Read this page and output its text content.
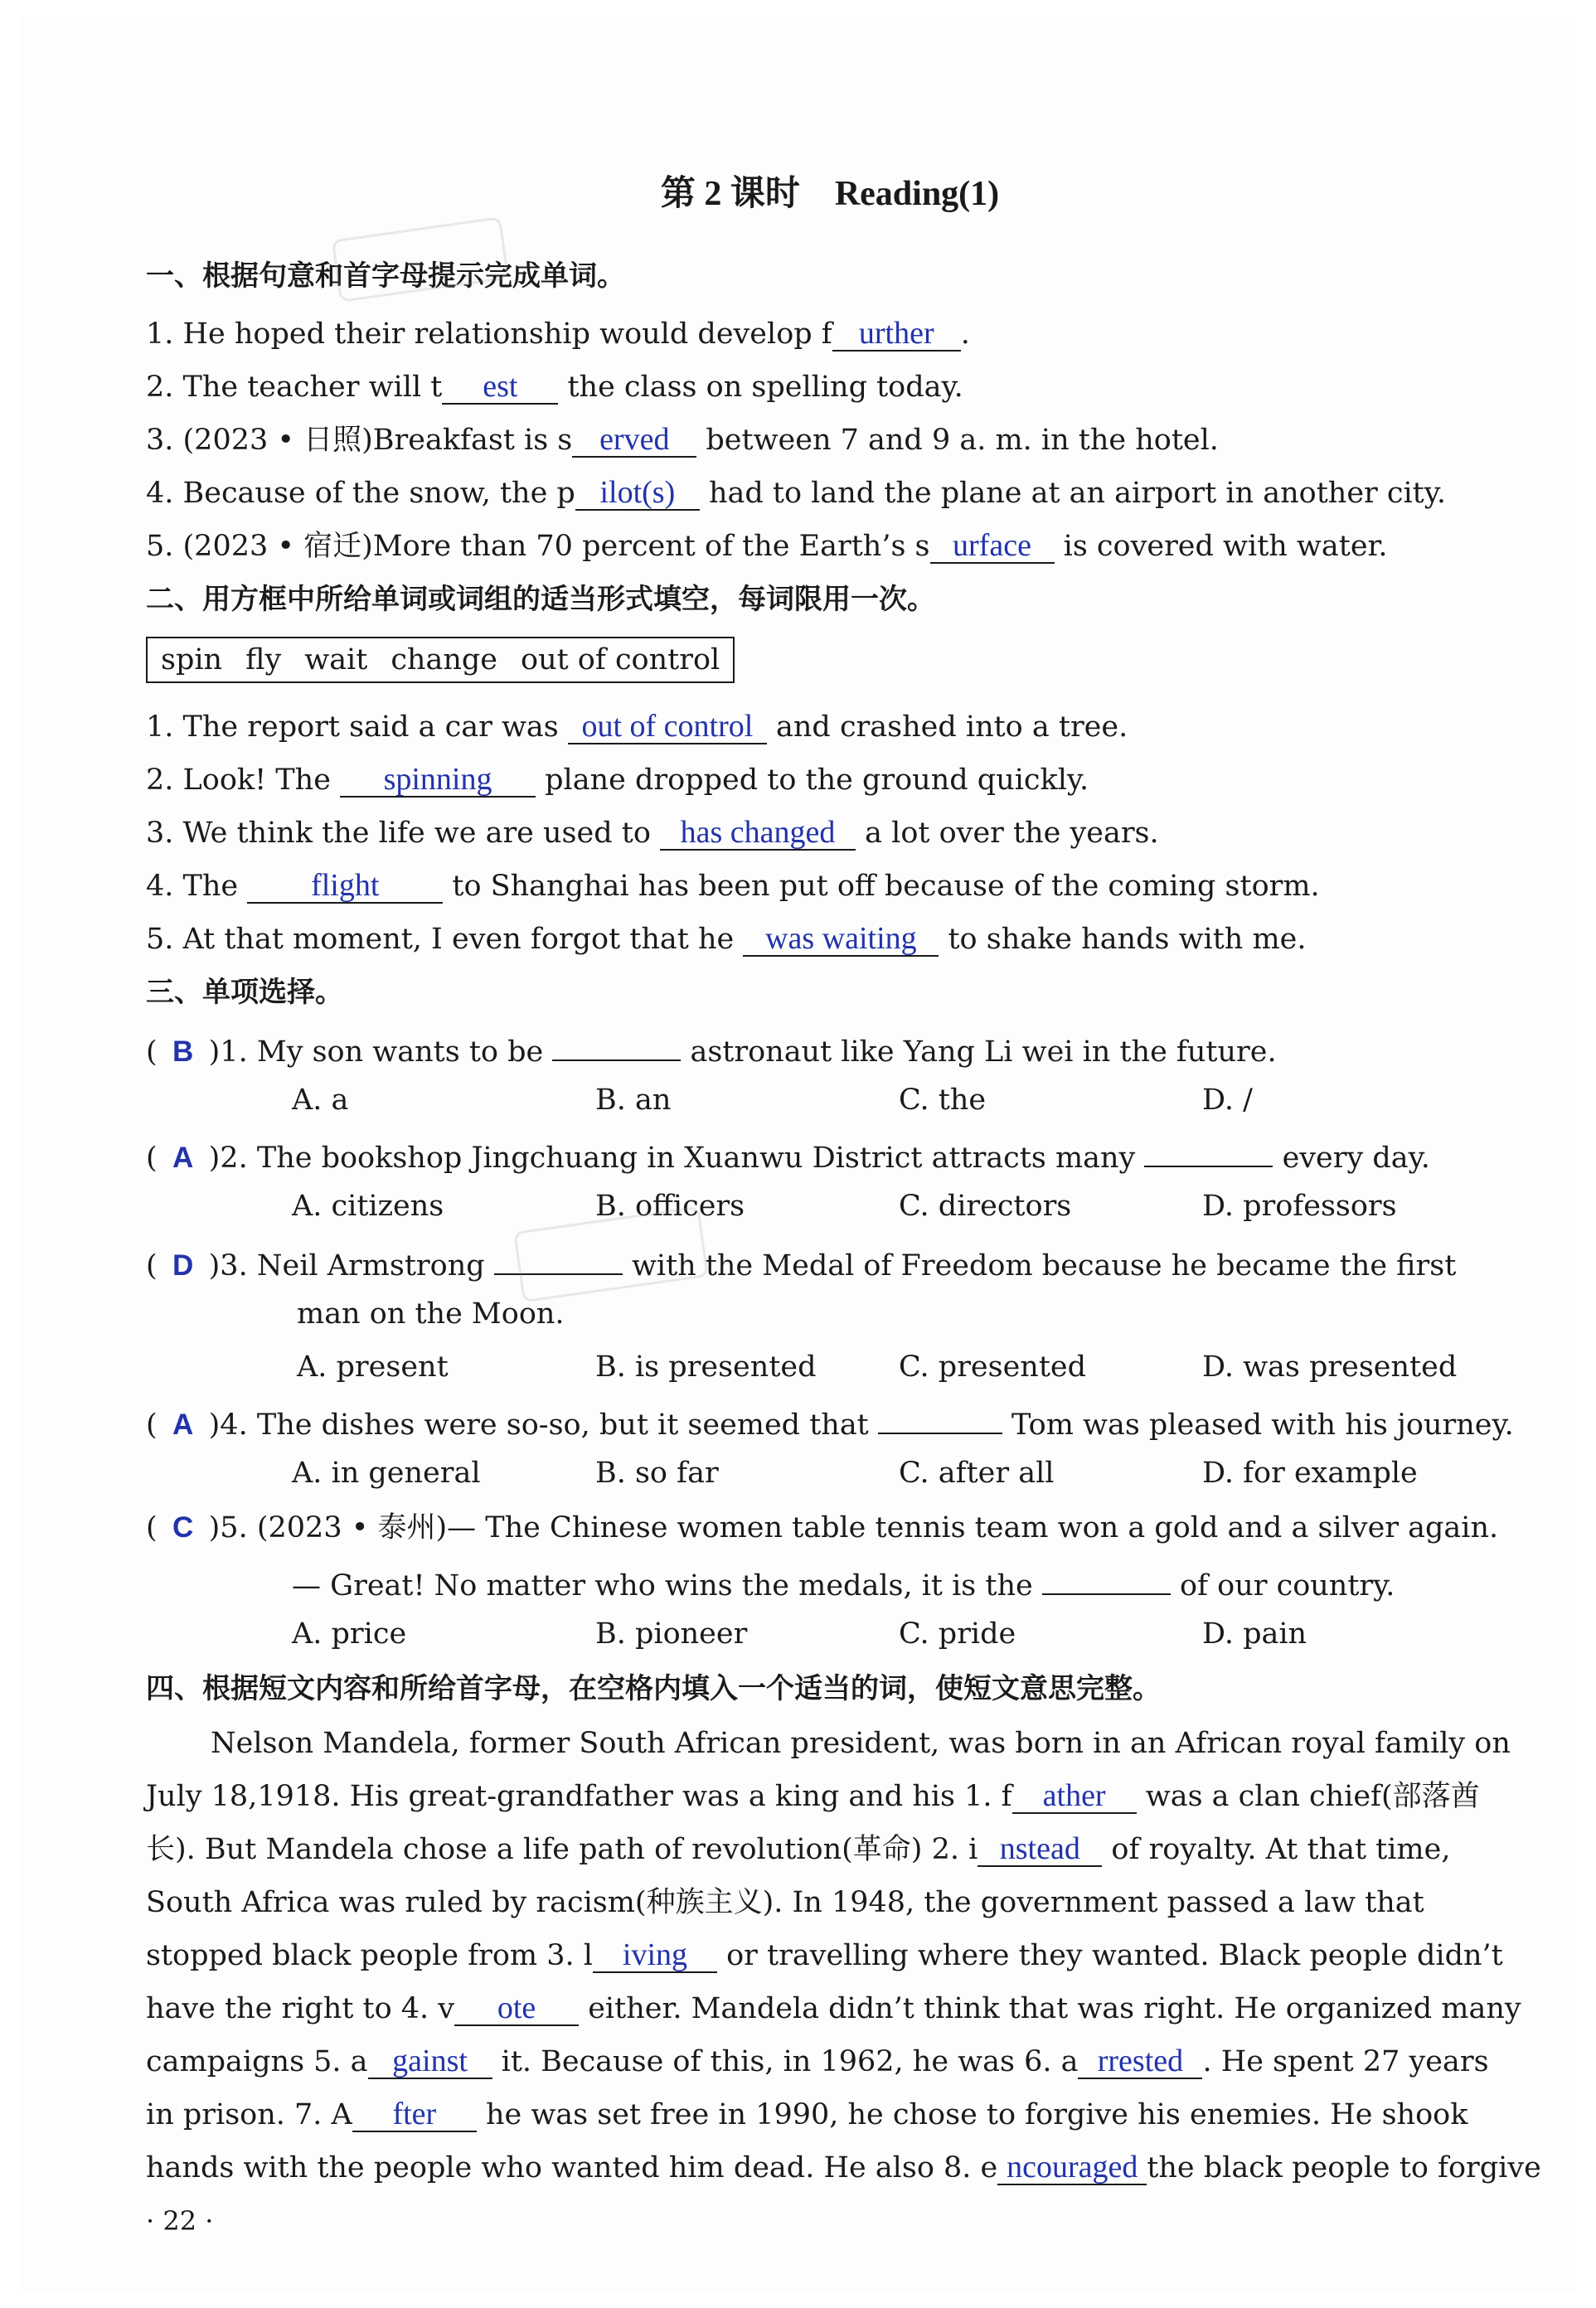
第 2 课时　Reading(1)
一、根据句意和首字母提示完成单词。
1. He hoped their relationship would develop f urther .
2. The teacher will t est the class on spelling today.
3. (2023 • 日照)Breakfast is s erved between 7 and 9 a. m. in the hotel.
4. Because of the snow, the p ilot(s) had to land the plane at an airport in another city.
5. (2023 • 宿迁)More than 70 percent of the Earth’s s urface is covered with water.
二、用方框中所给单词或词组的适当形式填空，每词限用一次。
spin fly wait change out of control
1. The report said a car was out of control and crashed into a tree.
2. Look! The spinning plane dropped to the ground quickly.
3. We think the life we are used to has changed a lot over the years.
4. The flight to Shanghai has been put off because of the coming storm.
5. At that moment, I even forgot that he was waiting to shake hands with me.
三、单项选择。
( B )1. My son wants to be	astronaut like Yang Li wei in the future.
A. a	B. an	C. the	D. /
( A )2. The bookshop Jingchuang in Xuanwu District attracts many	every day.
A. citizens	B. officers	C. directors	D. professors
( D )3. Neil Armstrong	with the Medal of Freedom because he became the first
man on the Moon.
A. present	B. is presented	C. presented	D. was presented
( A )4. The dishes were so-so, but it seemed that	Tom was pleased with his journey.
A. in general	B. so far	C. after all	D. for example
( C )5. (2023 • 泰州)— The Chinese women table tennis team won a gold and a silver again.
— Great! No matter who wins the medals, it is the	of our country.
A. price	B. pioneer	C. pride	D. pain
四、根据短文内容和所给首字母，在空格内填入一个适当的词，使短文意思完整。
Nelson Mandela, former South African president, was born in an African royal family on
July 18,1918. His great-grandfather was a king and his 1. f ather was a clan chief(部落酋
长). But Mandela chose a life path of revolution(革命) 2. i nstead of royalty. At that time,
South Africa was ruled by racism(种族主义). In 1948, the government passed a law that
stopped black people from 3. l iving or travelling where they wanted. Black people didn’t
have the right to 4. v ote either. Mandela didn’t think that was right. He organized many
campaigns 5. a gainst it. Because of this, in 1962, he was 6. a rrested . He spent 27 years
in prison. 7. A fter he was set free in 1990, he chose to forgive his enemies. He shook
hands with the people who wanted him dead. He also 8. e ncouraged the black people to forgive
· 22 ·
